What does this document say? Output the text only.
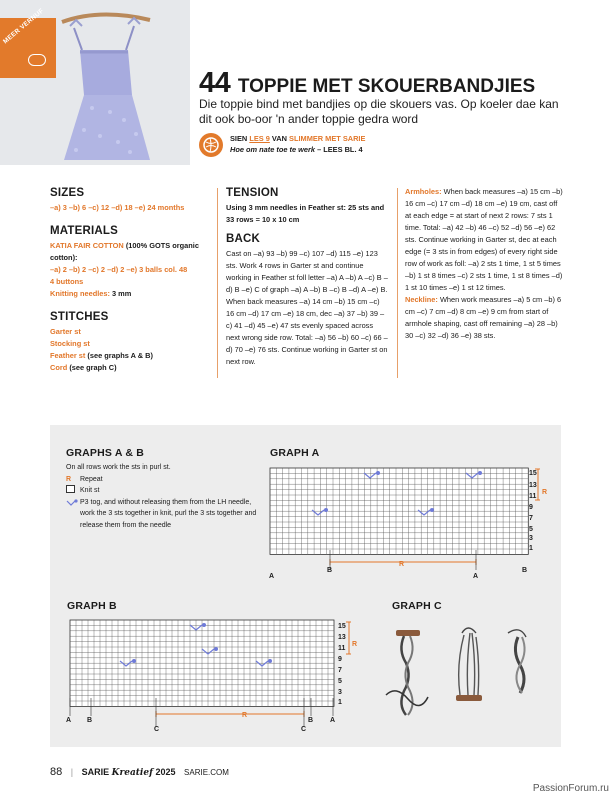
MEER VERNUF
44 TOPPIE MET SKOUERBANDJIES
Die toppie bind met bandjies op die skouers vas. Op koeler dae kan dit ook bo-oor 'n ander toppie gedra word
SIEN LES 9 VAN SLIMMER MET SARIE
Hoe om nate toe te werk – LEES BL. 4
SIZES
–a) 3 –b) 6 –c) 12 –d) 18 –e) 24 months
MATERIALS
KATIA FAIR COTTON (100% GOTS organic cotton):
–a) 2 –b) 2 –c) 2 –d) 2 –e) 3 balls col. 48
4 buttons
Knitting needles: 3 mm
STITCHES
Garter st
Stocking st
Feather st (see graphs A & B)
Cord (see graph C)
TENSION
Using 3 mm needles in Feather st: 25 sts and 33 rows = 10 x 10 cm
BACK
Cast on –a) 93 –b) 99 –c) 107 –d) 115 –e) 123 sts. Work 4 rows in Garter st and continue working in Feather st foll letter –a) A –b) A –c) B –d) B –e) C of graph –a) A –b) B –c) B –d) A –e) B. When back measures –a) 14 cm –b) 15 cm –c) 16 cm –d) 17 cm –e) 18 cm, dec –a) 37 –b) 39 –c) 41 –d) 45 –e) 47 sts evenly spaced across next wrong side row. Total: –a) 56 –b) 60 –c) 66 –d) 70 –e) 76 sts. Continue working in Garter st on next row.
Armholes: When back measures –a) 15 cm –b) 16 cm –c) 17 cm –d) 18 cm –e) 19 cm, cast off at each edge = at start of next 2 rows: 7 sts 1 time. Total: –a) 42 –b) 46 –c) 52 –d) 56 –e) 62 sts. Continue working in Garter st, dec at each edge (= 3 sts in from edges) of every right side row of work as foll: –a) 2 sts 1 time, 1 st 5 times –b) 1 st 8 times –c) 2 sts 1 time, 1 st 8 times –d) 1 st 10 times –e) 1 st 12 times.
Neckline: When work measures –a) 5 cm –b) 6 cm –c) 7 cm –d) 8 cm –e) 9 cm from start of armhole shaping, cast off remaining –a) 28 –b) 30 –c) 32 –d) 36 –e) 38 sts.
GRAPHS A & B
On all rows work the sts in purl st.
R Repeat
Knit st
P3 tog, and without releasing them from the LH needle, work the 3 sts together in knit, purl the 3 sts together and release them from the needle
GRAPH A
15
13
11
9
7
5
3
1
R
R
A
B
A
B
GRAPH B
15
13
11
9
7
5
3
1
R
R
A B
C	C
B A
GRAPH C
88 | SARIE Kreatief 2025 SARIE.COM
PassionForum.ru
